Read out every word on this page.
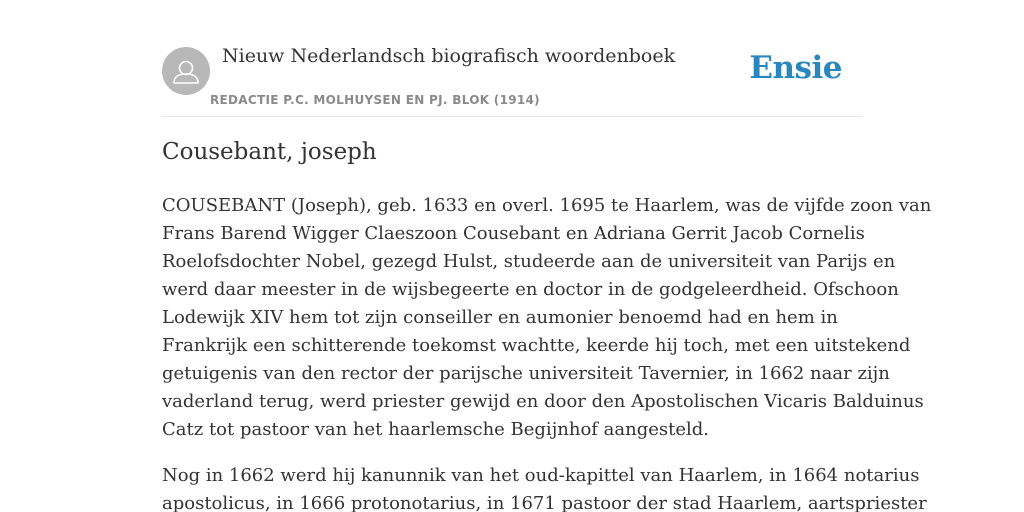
Nieuw Nederlandsch biografisch woordenboek
REDACTIE P.C. MOLHUYSEN EN PJ. BLOK (1914)
Ensie
Cousebant, joseph

COUSEBANT (Joseph), geb. 1633 en overl. 1695 te Haarlem, was de vijfde zoon van
Frans Barend Wigger Claeszoon Cousebant en Adriana Gerrit Jacob Cornelis
Roelofsdochter Nobel, gezegd Hulst, studeerde aan de universiteit van Parijs en
werd daar meester in de wijsbegeerte en doctor in de godgeleerdheid. Ofschoon
Lodewijk XIV hem tot zijn conseiller en aumonier benoemd had en hem in
Frankrijk een schitterende toekomst wachtte, keerde hij toch, met een uitstekend
getuigenis van den rector der parijsche universiteit Tavernier, in 1662 naar zijn
vaderland terug, werd priester gewijd en door den Apostolischen Vicaris Balduinus
Catz tot pastoor van het haarlemsche Begijnhof aangesteld.

Nog in 1662 werd hij kanunnik van het oud-kapittel van Haarlem, in 1664 notarius
apostolicus, in 1666 protonotarius, in 1671 pastoor der stad Haarlem, aartspriester
